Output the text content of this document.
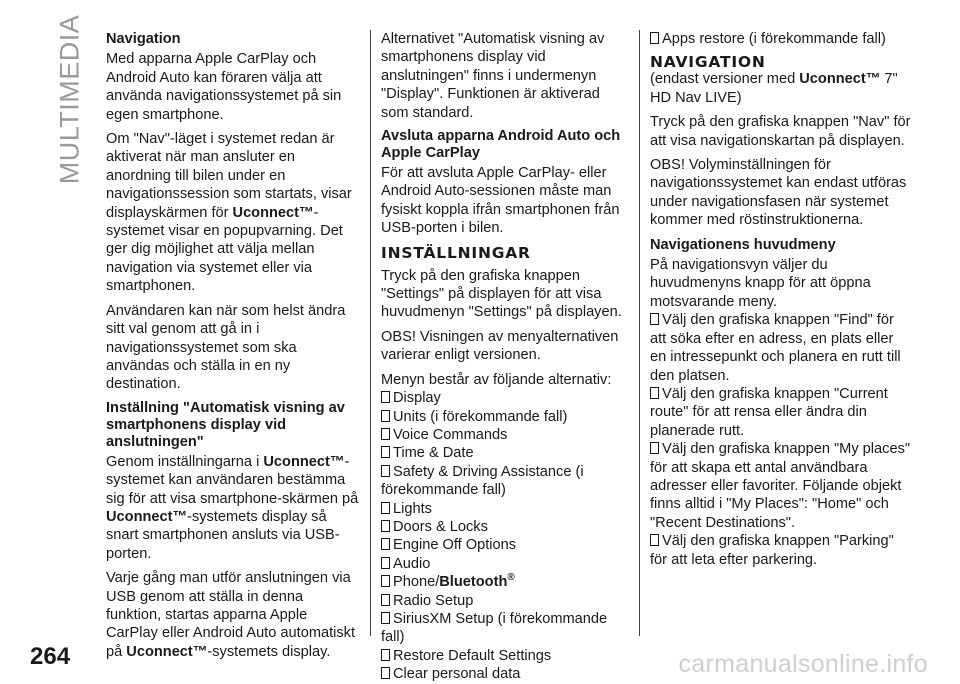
MULTIMEDIA Navigation

Med apparna Apple CarPlay och Android Auto kan föraren välja att använda navigationssystemet på sin egen smartphone.

Om "Nav"-läget i systemet redan är aktiverat när man ansluter en anordning till bilen under en navigationssession som startats, visar displayskärmen för Uconnect™-systemet visar en popupvarning. Det ger dig möjlighet att välja mellan navigation via systemet eller via smartphonen.

Användaren kan när som helst ändra sitt val genom att gå in i navigationssystemet som ska användas och ställa in en ny destination.

Inställning "Automatisk visning av smartphonens display vid anslutningen"

Genom inställningarna i Uconnect™-systemet kan användaren bestämma sig för att visa smartphone-skärmen på Uconnect™-systemets display så snart smartphonen ansluts via USB-porten.

Varje gång man utför anslutningen via USB genom att ställa in denna funktion, startas apparna Apple CarPlay eller Android Auto automatiskt på Uconnect™-systemets display.

Alternativet "Automatisk visning av smartphonens display vid anslutningen" finns i undermenyn "Display". Funktionen är aktiverad som standard.

Avsluta apparna Android Auto och Apple CarPlay

För att avsluta Apple CarPlay- eller Android Auto-sessionen måste man fysiskt koppla ifrån smartphonen från USB-porten i bilen.

INSTÄLLNINGAR

Tryck på den grafiska knappen "Settings" på displayen för att visa huvudmenyn "Settings" på displayen.

OBS! Visningen av menyalternativen varierar enligt versionen.

Menyn består av följande alternativ:

Display
Units (i förekommande fall)
Voice Commands
Time & Date
Safety & Driving Assistance (i förekommande fall)
Lights
Doors & Locks
Engine Off Options
Audio
Phone/Bluetooth®
Radio Setup
SiriusXM Setup (i förekommande fall)
Restore Default Settings
Clear personal data
Apps restore (i förekommande fall)
NAVIGATION

(endast versioner med Uconnect™ 7" HD Nav LIVE)

Tryck på den grafiska knappen "Nav" för att visa navigationskartan på displayen.

OBS! Volyminställningen för navigationssystemet kan endast utföras under navigationsfasen när systemet kommer med röstinstruktionerna.

Navigationens huvudmeny

På navigationsvyn väljer du huvudmenyns knapp för att öppna motsvarande meny.

Välj den grafiska knappen "Find" för att söka efter en adress, en plats eller en intressepunkt och planera en rutt till den platsen.
Välj den grafiska knappen "Current route" för att rensa eller ändra din planerade rutt.
Välj den grafiska knappen "My places" för att skapa ett antal användbara adresser eller favoriter. Följande objekt finns alltid i "My Places": "Home" och "Recent Destinations".
Välj den grafiska knappen "Parking" för att leta efter parkering.
264	carmanualsonline.info
